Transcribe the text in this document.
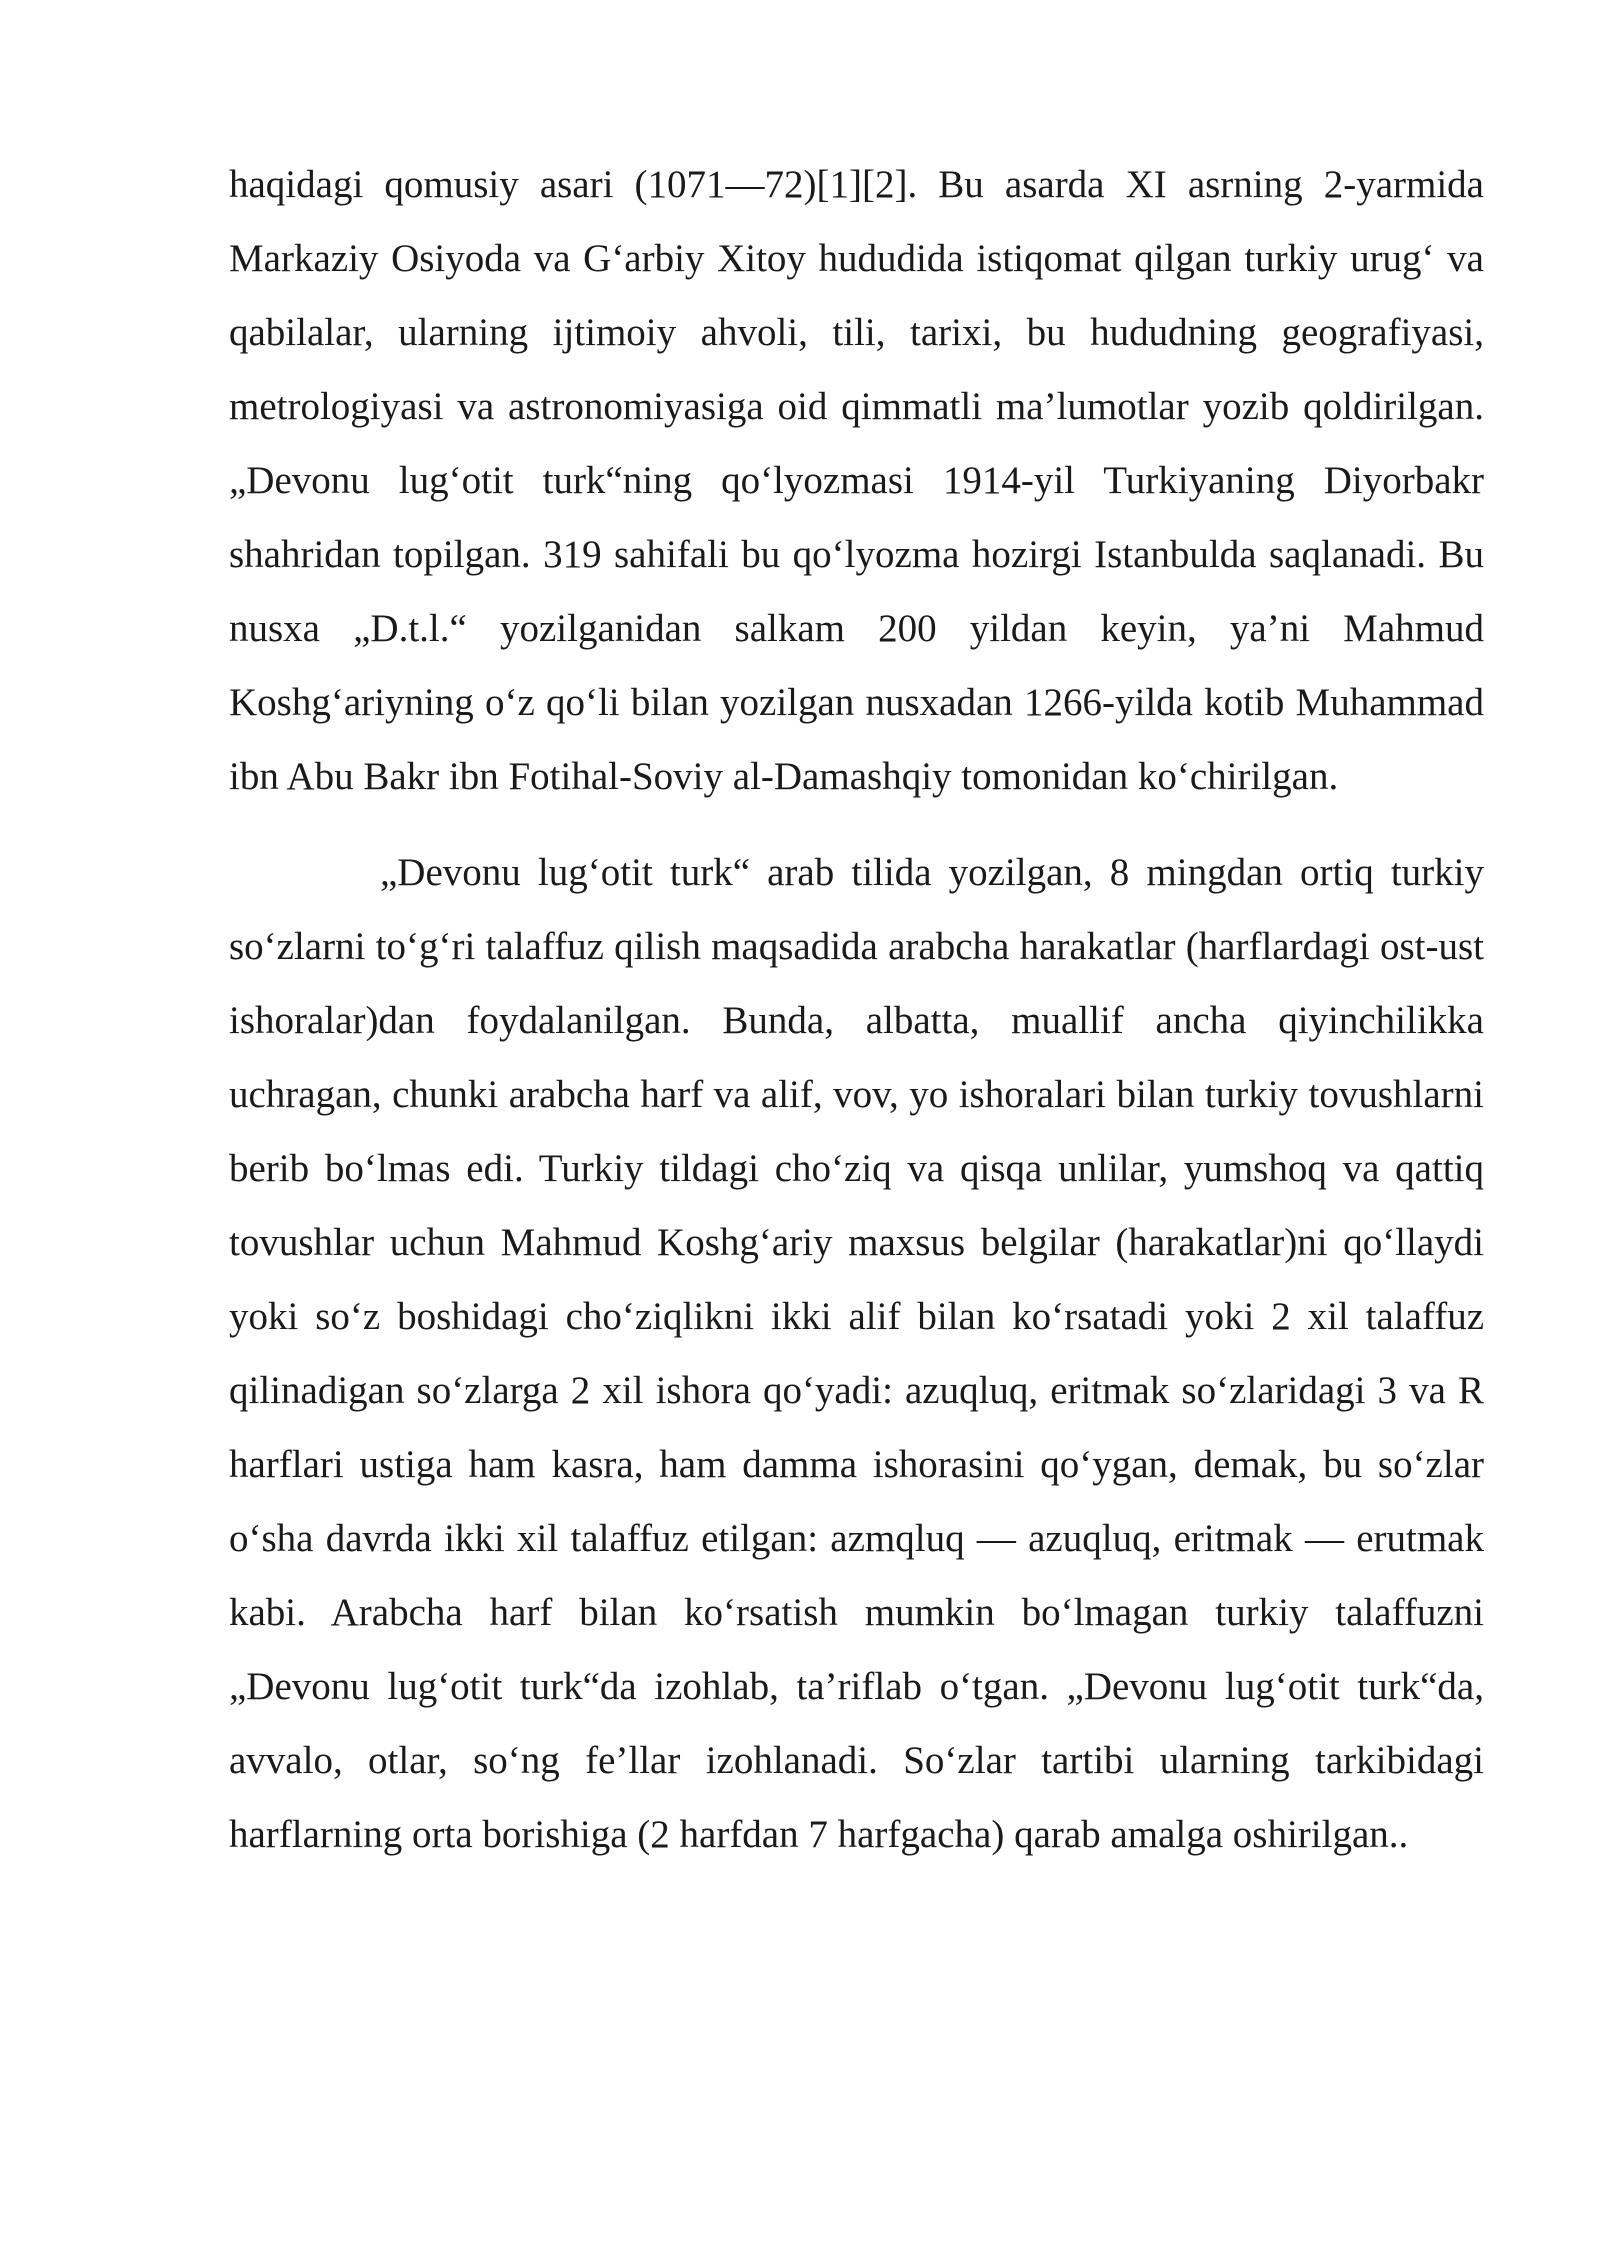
haqidagi qomusiy asari (1071—72)[1][2]. Bu asarda XI asrning 2-yarmida Markaziy Osiyoda va G‘arbiy Xitoy hududida istiqomat qilgan turkiy urug‘ va qabilalar, ularning ijtimoiy ahvoli, tili, tarixi, bu hududning geografiyasi, metrologiyasi va astronomiyasiga oid qimmatli ma’lumotlar yozib qoldirilgan. „Devonu lug‘otit turk“ning qo‘lyozmasi 1914-yil Turkiyaning Diyorbakr shahridan topilgan. 319 sahifali bu qo‘lyozma hozirgi Istanbulda saqlanadi. Bu nusxa „D.t.l.“ yozilganidan salkam 200 yildan keyin, ya’ni Mahmud Koshg‘ariyning o‘z qo‘li bilan yozilgan nusxadan 1266-yilda kotib Muhammad ibn Abu Bakr ibn Fotihal-Soviy al-Damashqiy tomonidan ko‘chirilgan.

„Devonu lug‘otit turk“ arab tilida yozilgan, 8 mingdan ortiq turkiy so‘zlarni to‘g‘ri talaffuz qilish maqsadida arabcha harakatlar (harflardagi ost-ust ishoralar)dan foydalanilgan. Bunda, albatta, muallif ancha qiyinchilikka uchragan, chunki arabcha harf va alif, vov, yo ishoralari bilan turkiy tovushlarni berib bo‘lmas edi. Turkiy tildagi cho‘ziq va qisqa unlilar, yumshoq va qattiq tovushlar uchun Mahmud Koshg‘ariy maxsus belgilar (harakatlar)ni qo‘llaydi yoki so‘z boshidagi cho‘ziqlikni ikki alif bilan ko‘rsatadi yoki 2 xil talaffuz qilinadigan so‘zlarga 2 xil ishora qo‘yadi: azuqluq, eritmak so‘zlaridagi 3 va R harflari ustiga ham kasra, ham damma ishorasini qo‘ygan, demak, bu so‘zlar o‘sha davrda ikki xil talaffuz etilgan: azmqluq — azuqluq, eritmak — erutmak kabi. Arabcha harf bilan ko‘rsatish mumkin bo‘lmagan turkiy talaffuzni „Devonu lug‘otit turk“da izohlab, ta’riflab o‘tgan. „Devonu lug‘otit turk“da, avvalo, otlar, so‘ng fe’llar izohlanadi. So‘zlar tartibi ularning tarkibidagi harflarning orta borishiga (2 harfdan 7 harfgacha) qarab amalga oshirilgan..
